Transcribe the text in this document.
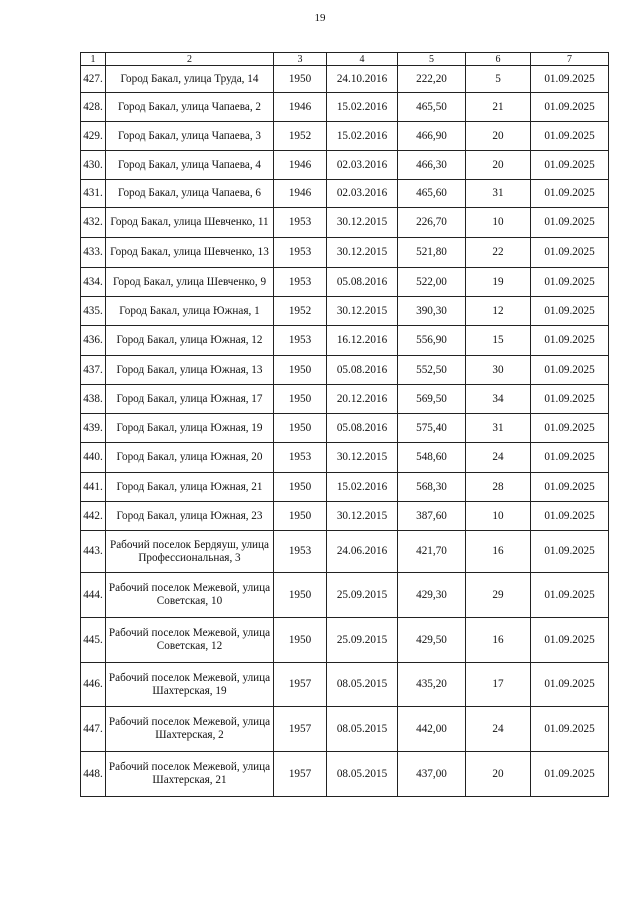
19
1	2	3	4	5	6	7
427.	Город Бакал, улица Труда, 14	1950	24.10.2016	222,20	5	01.09.2025
428.	Город Бакал, улица Чапаева, 2	1946	15.02.2016	465,50	21	01.09.2025
429.	Город Бакал, улица Чапаева, 3	1952	15.02.2016	466,90	20	01.09.2025
430.	Город Бакал, улица Чапаева, 4	1946	02.03.2016	466,30	20	01.09.2025
431.	Город Бакал, улица Чапаева, 6	1946	02.03.2016	465,60	31	01.09.2025
432.	Город Бакал, улица Шевченко, 11	1953	30.12.2015	226,70	10	01.09.2025
433.	Город Бакал, улица Шевченко, 13	1953	30.12.2015	521,80	22	01.09.2025
434.	Город Бакал, улица Шевченко, 9	1953	05.08.2016	522,00	19	01.09.2025
435.	Город Бакал, улица Южная, 1	1952	30.12.2015	390,30	12	01.09.2025
436.	Город Бакал, улица Южная, 12	1953	16.12.2016	556,90	15	01.09.2025
437.	Город Бакал, улица Южная, 13	1950	05.08.2016	552,50	30	01.09.2025
438.	Город Бакал, улица Южная, 17	1950	20.12.2016	569,50	34	01.09.2025
439.	Город Бакал, улица Южная, 19	1950	05.08.2016	575,40	31	01.09.2025
440.	Город Бакал, улица Южная, 20	1953	30.12.2015	548,60	24	01.09.2025
441.	Город Бакал, улица Южная, 21	1950	15.02.2016	568,30	28	01.09.2025
442.	Город Бакал, улица Южная, 23	1950	30.12.2015	387,60	10	01.09.2025
443.	Рабочий поселок Бердяуш, улица Профессиональная, 3	1953	24.06.2016	421,70	16	01.09.2025
444.	Рабочий поселок Межевой, улица Советская, 10	1950	25.09.2015	429,30	29	01.09.2025
445.	Рабочий поселок Межевой, улица Советская, 12	1950	25.09.2015	429,50	16	01.09.2025
446.	Рабочий поселок Межевой, улица Шахтерская, 19	1957	08.05.2015	435,20	17	01.09.2025
447.	Рабочий поселок Межевой, улица Шахтерская, 2	1957	08.05.2015	442,00	24	01.09.2025
448.	Рабочий поселок Межевой, улица Шахтерская, 21	1957	08.05.2015	437,00	20	01.09.2025
